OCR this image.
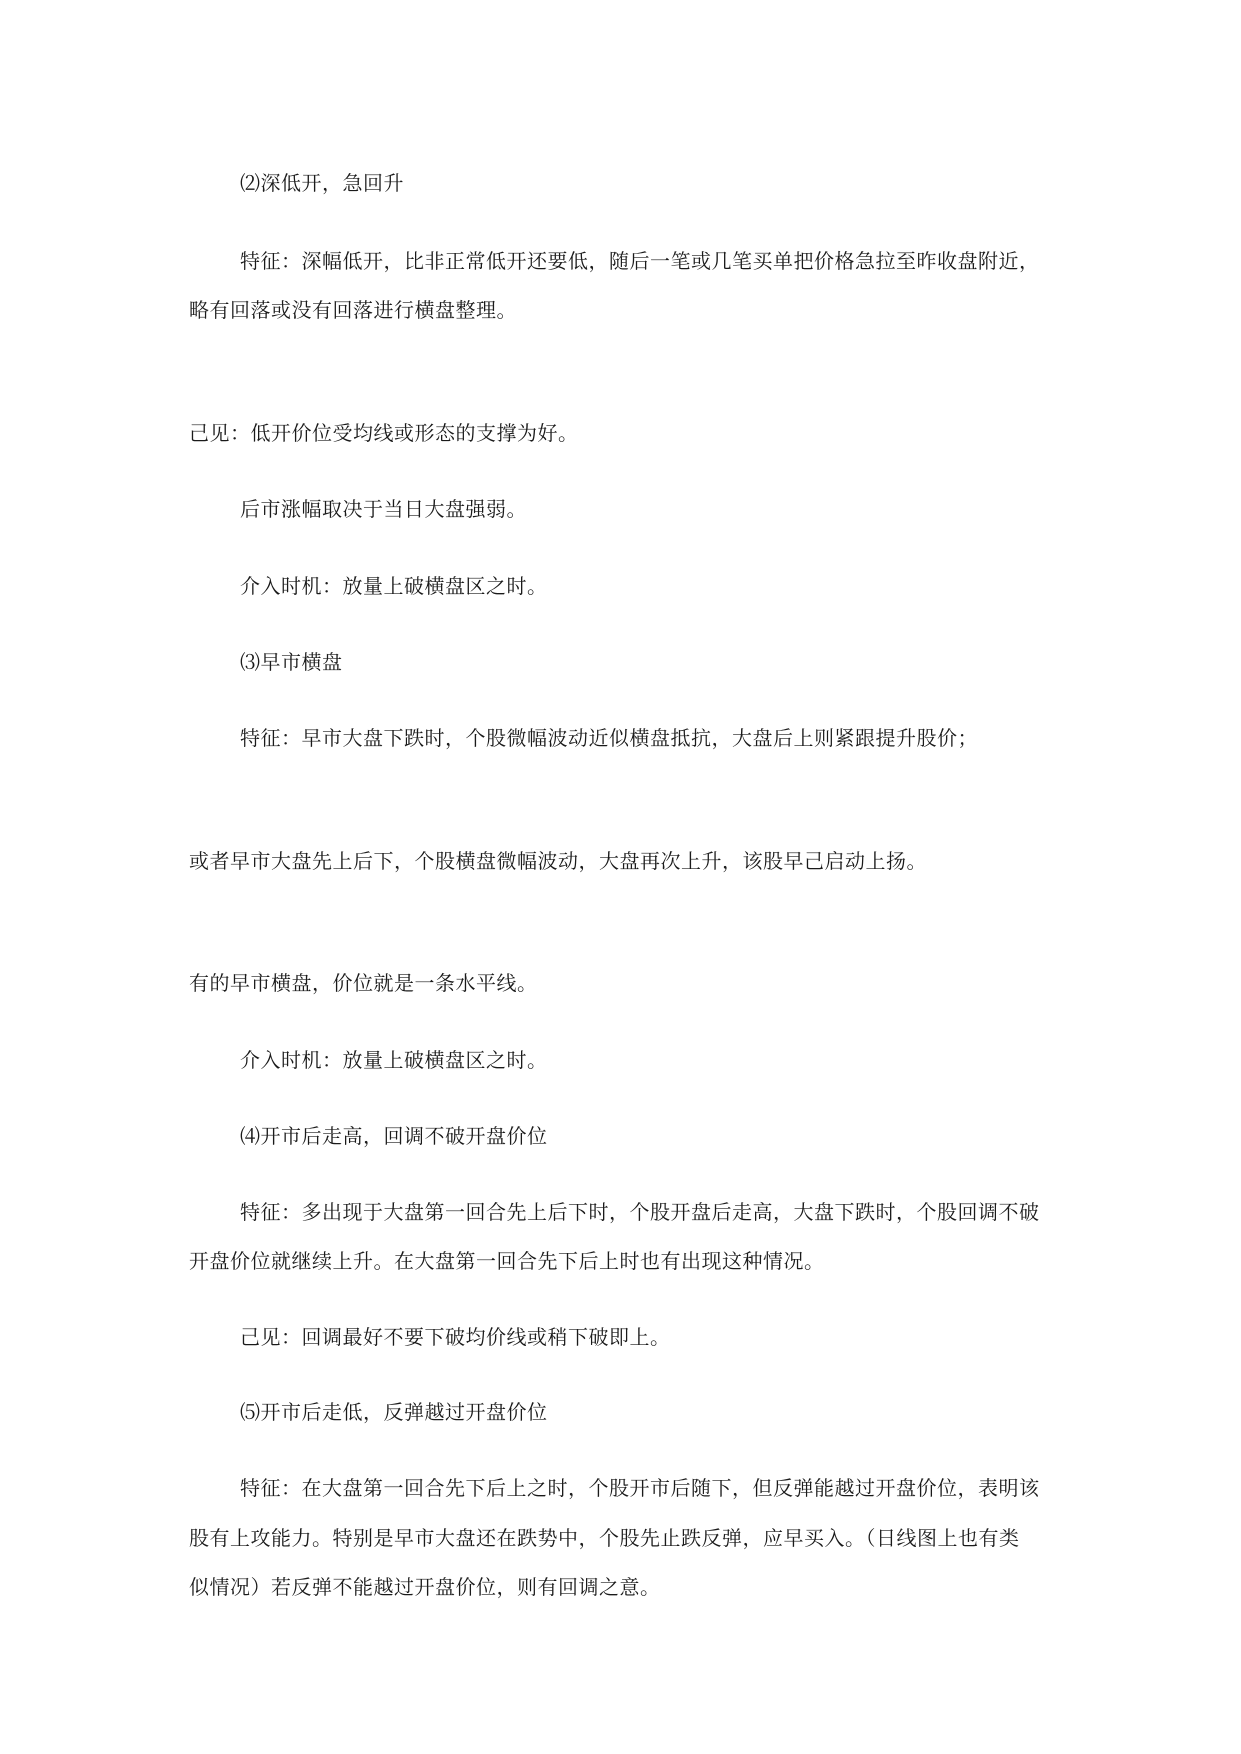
⑵深低开，急回升
特征：深幅低开，比非正常低开还要低，随后一笔或几笔买单把价格急拉至昨收盘附近，
略有回落或没有回落进行横盘整理。
己见：低开价位受均线或形态的支撑为好。
后市涨幅取决于当日大盘强弱。
介入时机：放量上破横盘区之时。
⑶早市横盘
特征：早市大盘下跌时，个股微幅波动近似横盘抵抗，大盘后上则紧跟提升股价；
或者早市大盘先上后下，个股横盘微幅波动，大盘再次上升，该股早己启动上扬。
有的早市横盘，价位就是一条水平线。
介入时机：放量上破横盘区之时。
⑷开市后走高，回调不破开盘价位
特征：多出现于大盘第一回合先上后下时，个股开盘后走高，大盘下跌时，个股回调不破
开盘价位就继续上升。在大盘第一回合先下后上时也有出现这种情况。
己见：回调最好不要下破均价线或稍下破即上。
⑸开市后走低，反弹越过开盘价位
特征：在大盘第一回合先下后上之时，个股开市后随下，但反弹能越过开盘价位，表明该
股有上攻能力。特别是早市大盘还在跌势中，个股先止跌反弹，应早买入。（日线图上也有类
似情况）若反弹不能越过开盘价位，则有回调之意。
